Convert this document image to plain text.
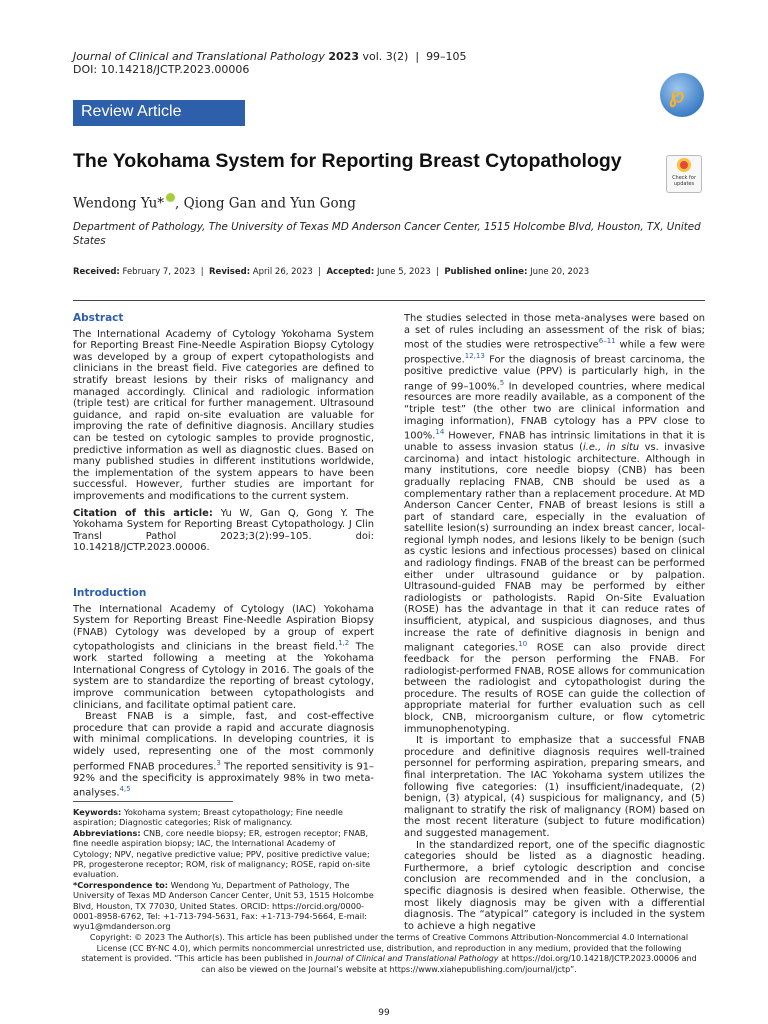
Journal of Clinical and Translational Pathology 2023 vol. 3(2)  |  99–105
DOI: 10.14218/JCTP.2023.00006
℘
Review Article
The Yokohama System for Reporting Breast Cytopathology
Check for updates
Wendong Yu* , Qiong Gan and Yun Gong
Department of Pathology, The University of Texas MD Anderson Cancer Center, 1515 Holcombe Blvd, Houston, TX, United States
Received: February 7, 2023  |  Revised: April 26, 2023  |  Accepted: June 5, 2023  |  Published online: June 20, 2023
Abstract

The International Academy of Cytology Yokohama System for Reporting Breast Fine-Needle Aspiration Biopsy Cytology was developed by a group of expert cytopathologists and clinicians in the breast field. Five categories are defined to stratify breast lesions by their risks of malignancy and managed accordingly. Clinical and radiologic information (triple test) are critical for further management. Ultrasound guidance, and rapid on-site evaluation are valuable for improving the rate of definitive diagnosis. Ancillary studies can be tested on cytologic samples to provide prognostic, predictive information as well as diagnostic clues. Based on many published studies in different institutions worldwide, the implementation of the system appears to have been successful. However, further studies are important for improvements and modifications to the current system.

Citation of this article: Yu W, Gan Q, Gong Y. The Yokohama System for Reporting Breast Cytopathology. J Clin Transl Pathol 2023;3(2):99–105. doi: 10.14218/JCTP.2023.00006.

Introduction

The International Academy of Cytology (IAC) Yokohama System for Reporting Breast Fine-Needle Aspiration Biopsy (FNAB) Cytology was developed by a group of expert cytopathologists and clinicians in the breast field.$^{1,2}$ The work started following a meeting at the Yokohama International Congress of Cytology in 2016. The goals of the system are to standardize the reporting of breast cytology, improve communication between cytopathologists and clinicians, and facilitate optimal patient care.

Breast FNAB is a simple, fast, and cost-effective procedure that can provide a rapid and accurate diagnosis with minimal complications. In developing countries, it is widely used, representing one of the most commonly performed FNAB procedures.$^3$ The reported sensitivity is 91–92% and the specificity is approximately 98% in two meta-analyses.$^{4,5}$

Keywords: Yokohama system; Breast cytopathology; Fine needle aspiration; Diagnostic categories; Risk of malignancy.
Abbreviations: CNB, core needle biopsy; ER, estrogen receptor; FNAB, fine needle aspiration biopsy; IAC, the International Academy of Cytology; NPV, negative predictive value; PPV, positive predictive value; PR, progesterone receptor; ROM, risk of malignancy; ROSE, rapid on-site evaluation.
*Correspondence to: Wendong Yu, Department of Pathology, The University of Texas MD Anderson Cancer Center, Unit 53, 1515 Holcombe Blvd, Houston, TX 77030, United States. ORCID: https://orcid.org/0000-0001-8958-6762, Tel: +1-713-794-5631, Fax: +1-713-794-5664, E-mail: wyu1@mdanderson.org

The studies selected in those meta-analyses were based on a set of rules including an assessment of the risk of bias; most of the studies were retrospective$^{6-11}$ while a few were prospective.$^{12,13}$ For the diagnosis of breast carcinoma, the positive predictive value (PPV) is particularly high, in the range of 99–100%.$^5$ In developed countries, where medical resources are more readily available, as a component of the “triple test” (the other two are clinical information and imaging information), FNAB cytology has a PPV close to 100%.$^{14}$ However, FNAB has intrinsic limitations in that it is unable to assess invasion status (i.e., in situ vs. invasive carcinoma) and intact histologic architecture. Although in many institutions, core needle biopsy (CNB) has been gradually replacing FNAB, CNB should be used as a complementary rather than a replacement procedure. At MD Anderson Cancer Center, FNAB of breast lesions is still a part of standard care, especially in the evaluation of satellite lesion(s) surrounding an index breast cancer, local-regional lymph nodes, and lesions likely to be benign (such as cystic lesions and infectious processes) based on clinical and radiology findings. FNAB of the breast can be performed either under ultrasound guidance or by palpation. Ultrasound-guided FNAB may be performed by either radiologists or pathologists. Rapid On-Site Evaluation (ROSE) has the advantage in that it can reduce rates of insufficient, atypical, and suspicious diagnoses, and thus increase the rate of definitive diagnosis in benign and malignant categories.$^{10}$ ROSE can also provide direct feedback for the person performing the FNAB. For radiologist-performed FNAB, ROSE allows for communication between the radiologist and cytopathologist during the procedure. The results of ROSE can guide the collection of appropriate material for further evaluation such as cell block, CNB, microorganism culture, or flow cytometric immunophenotyping.

It is important to emphasize that a successful FNAB procedure and definitive diagnosis requires well-trained personnel for performing aspiration, preparing smears, and final interpretation. The IAC Yokohama system utilizes the following five categories: (1) insufficient/inadequate, (2) benign, (3) atypical, (4) suspicious for malignancy, and (5) malignant to stratify the risk of malignancy (ROM) based on the most recent literature (subject to future modification) and suggested management.

In the standardized report, one of the specific diagnostic categories should be listed as a diagnostic heading. Furthermore, a brief cytologic description and concise conclusion are recommended and in the conclusion, a specific diagnosis is desired when feasible. Otherwise, the most likely diagnosis may be given with a differential diagnosis. The “atypical” category is included in the system to achieve a high negative

Copyright: © 2023 The Author(s). This article has been published under the terms of Creative Commons Attribution-Noncommercial 4.0 International License (CC BY-NC 4.0), which permits noncommercial unrestricted use, distribution, and reproduction in any medium, provided that the following statement is provided. “This article has been published in Journal of Clinical and Translational Pathology at https://doi.org/10.14218/JCTP.2023.00006 and can also be viewed on the Journal’s website at https://www.xiahepublishing.com/journal/jctp”.
99
